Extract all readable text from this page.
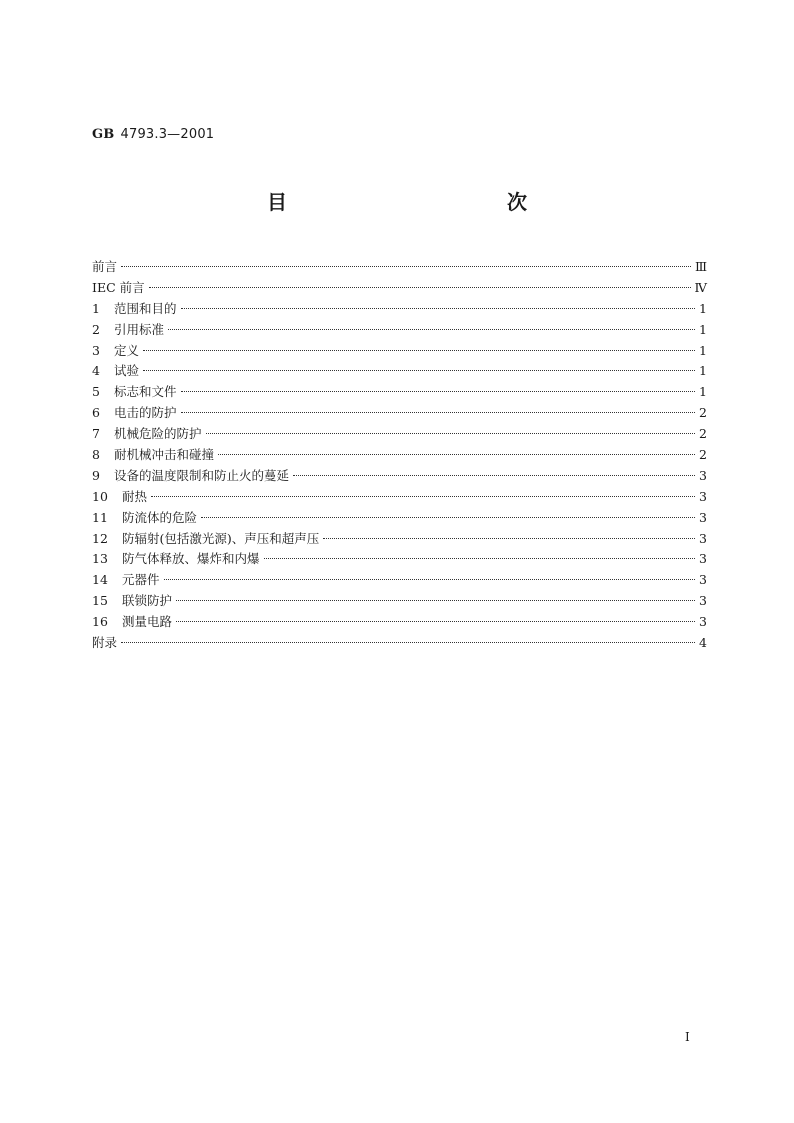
GB 4793.3—2001
目　　次
前言	Ⅲ
IEC 前言	Ⅳ
1	范围和目的	1
2	引用标准	1
3	定义	1
4	试验	1
5	标志和文件	1
6	电击的防护	2
7	机械危险的防护	2
8	耐机械冲击和碰撞	2
9	设备的温度限制和防止火的蔓延	3
10	耐热	3
11	防流体的危险	3
12	防辐射(包括激光源)、声压和超声压	3
13	防气体释放、爆炸和内爆	3
14	元器件	3
15	联锁防护	3
16	测量电路	3
附录	4
I
